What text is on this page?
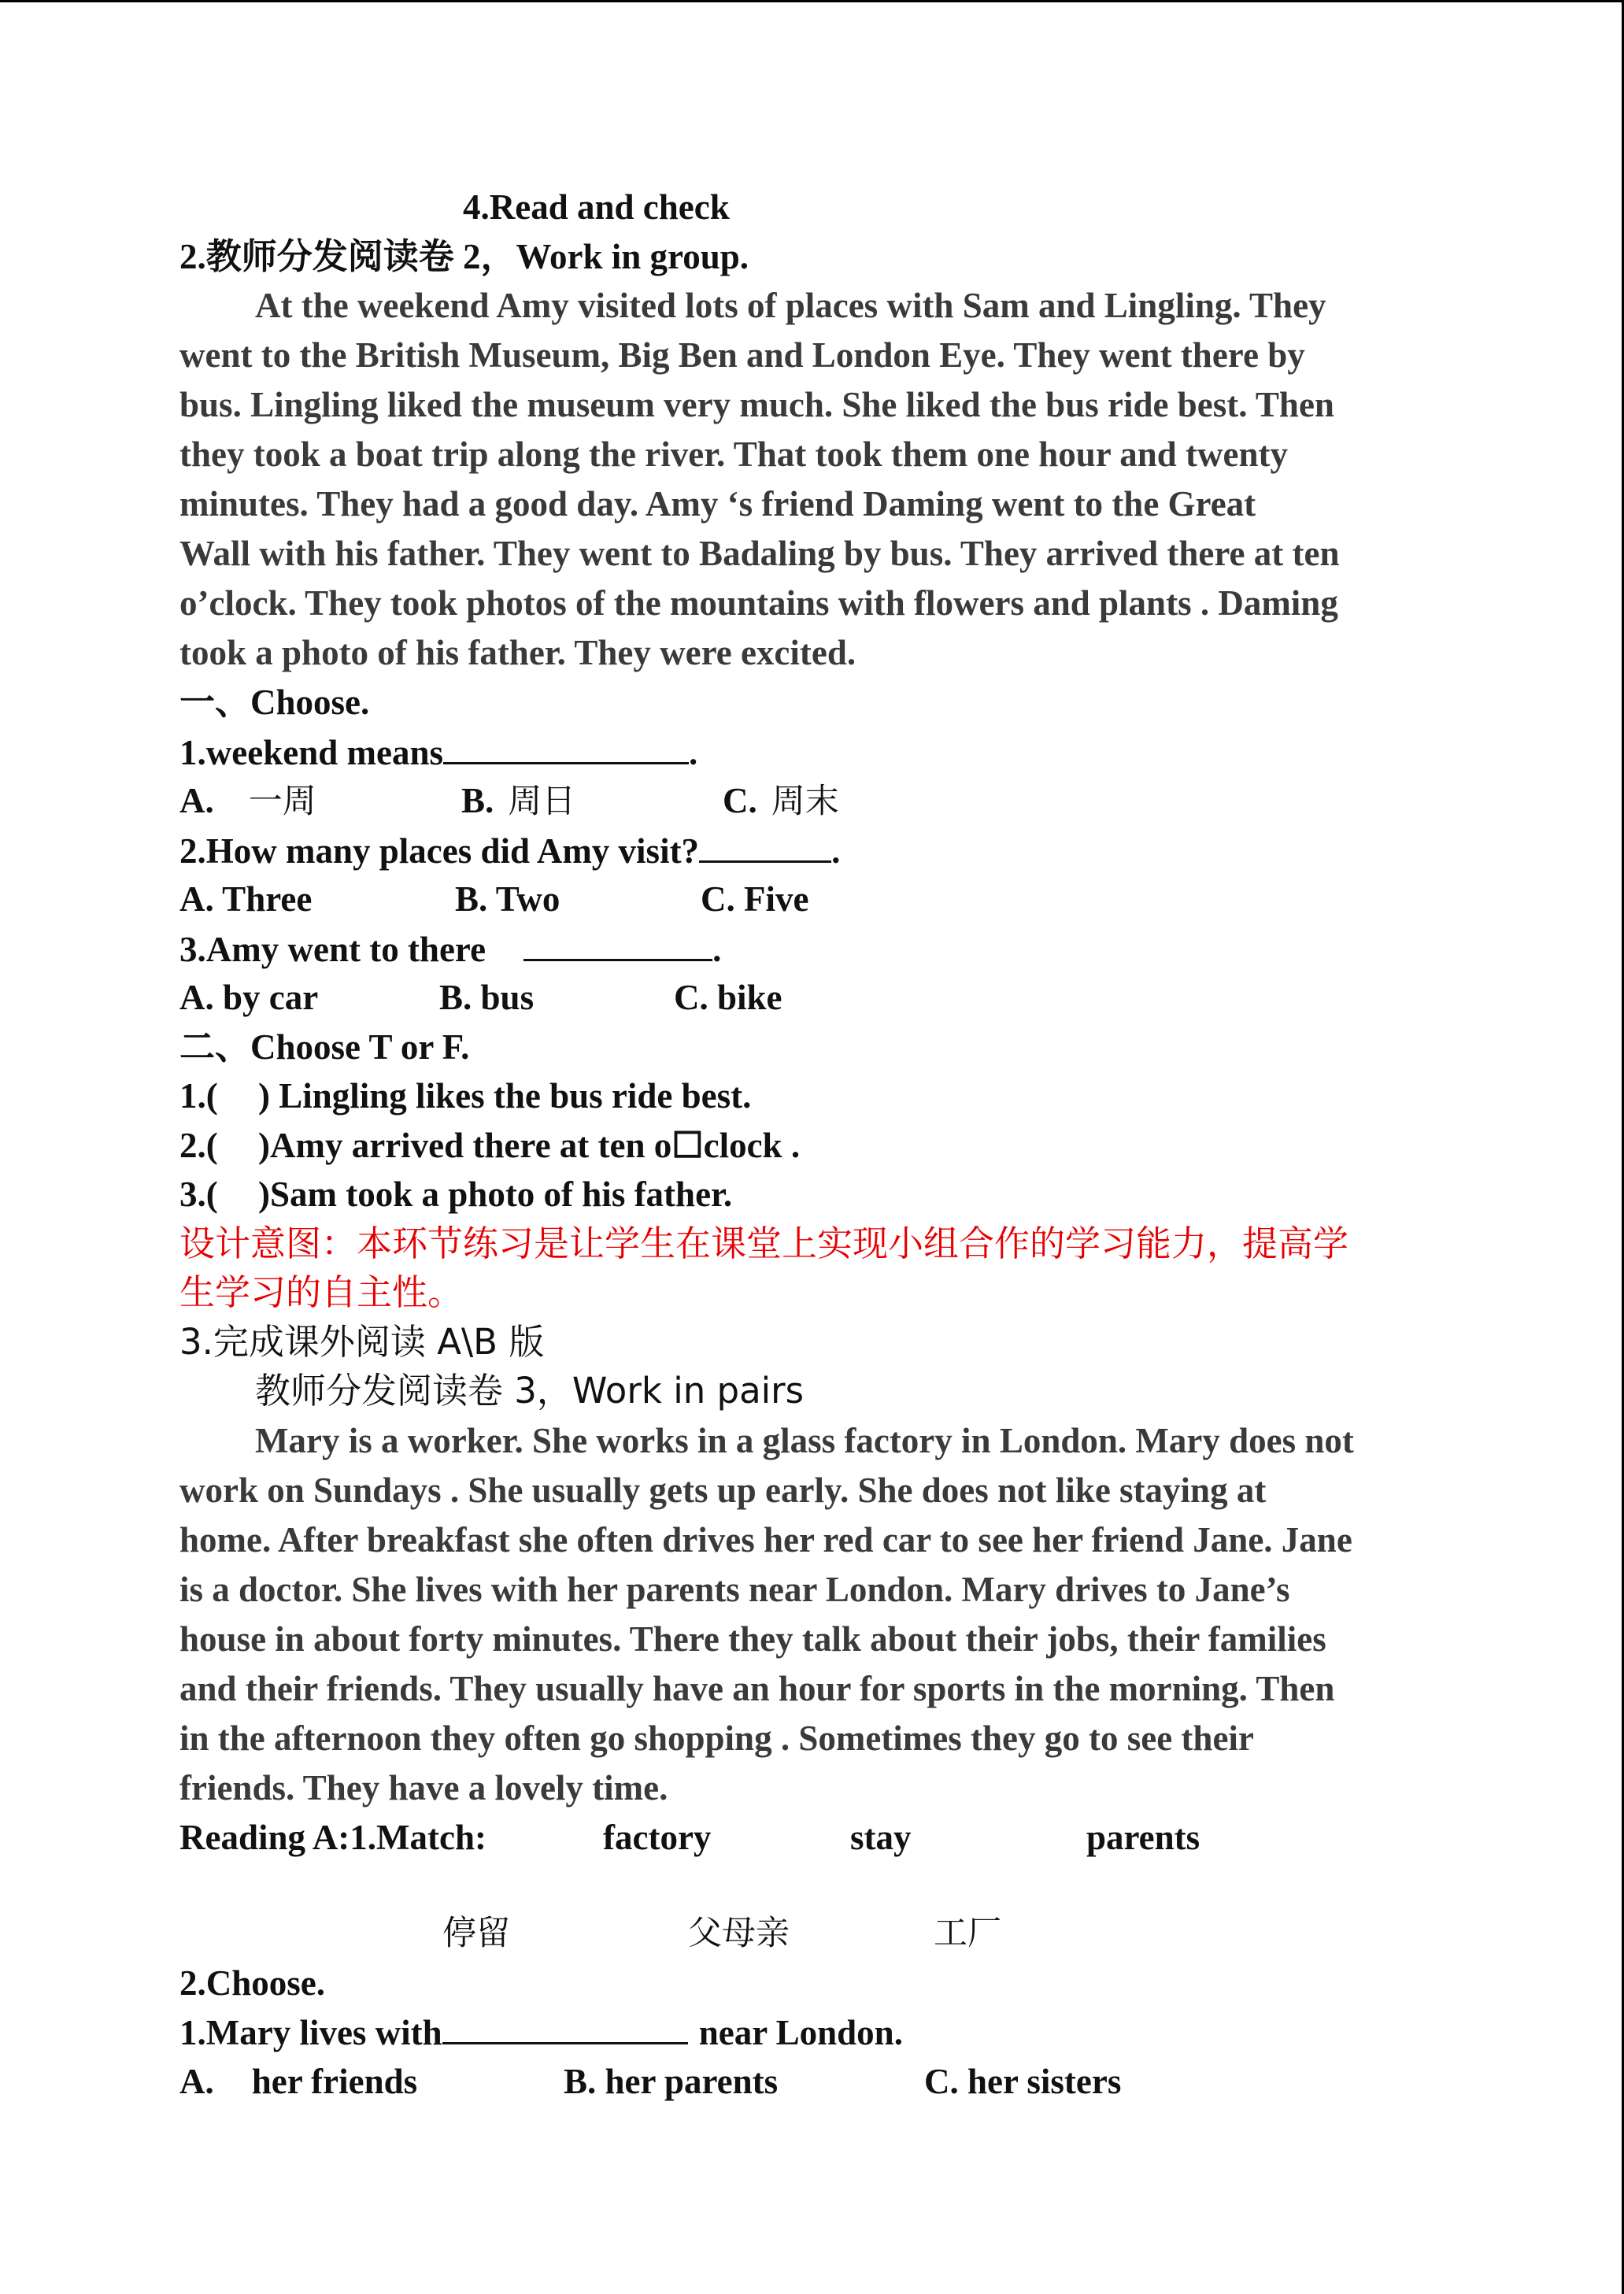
4.Read and check
2.教师分发阅读卷 2，Work in group.
At the weekend Amy visited lots of places with Sam and Lingling. They
went to the British Museum, Big Ben and London Eye. They went there by
bus. Lingling liked the museum very much. She liked the bus ride best. Then
they took a boat trip along the river. That took them one hour and twenty
minutes. They had a good day. Amy ‘s friend Daming went to the Great
Wall with his father. They went to Badaling by bus. They arrived there at ten
o’clock. They took photos of the mountains with flowers and plants . Daming
took a photo of his father. They were excited.
一、Choose.
1.weekend means	.
A. 一周	B. 周日	C. 周末
2.How many places did Amy visit?	.
A. Three	B. Two	C. Five
3.Amy went to there	.
A. by car	B. bus	C. bike
二、Choose T or F.
1.( ) Lingling likes the bus ride best.
2.( )Amy arrived there at ten o☐clock .
3.( )Sam took a photo of his father.
设计意图：本环节练习是让学生在课堂上实现小组合作的学习能力，提高学
生学习的自主性。
3.完成课外阅读 A\B 版
教师分发阅读卷 3，Work in pairs
Mary is a worker. She works in a glass factory in London. Mary does not
work on Sundays . She usually gets up early. She does not like staying at
home. After breakfast she often drives her red car to see her friend Jane. Jane
is a doctor. She lives with her parents near London. Mary drives to Jane’s
house in about forty minutes. There they talk about their jobs, their families
and their friends. They usually have an hour for sports in the morning. Then
in the afternoon they often go shopping . Sometimes they go to see their
friends. They have a lovely time.
Reading A:1.Match:	factory	stay	parents
停留	父母亲	工厂
2.Choose.
1.Mary lives with	near London.
A. her friends	B. her parents	C. her sisters
